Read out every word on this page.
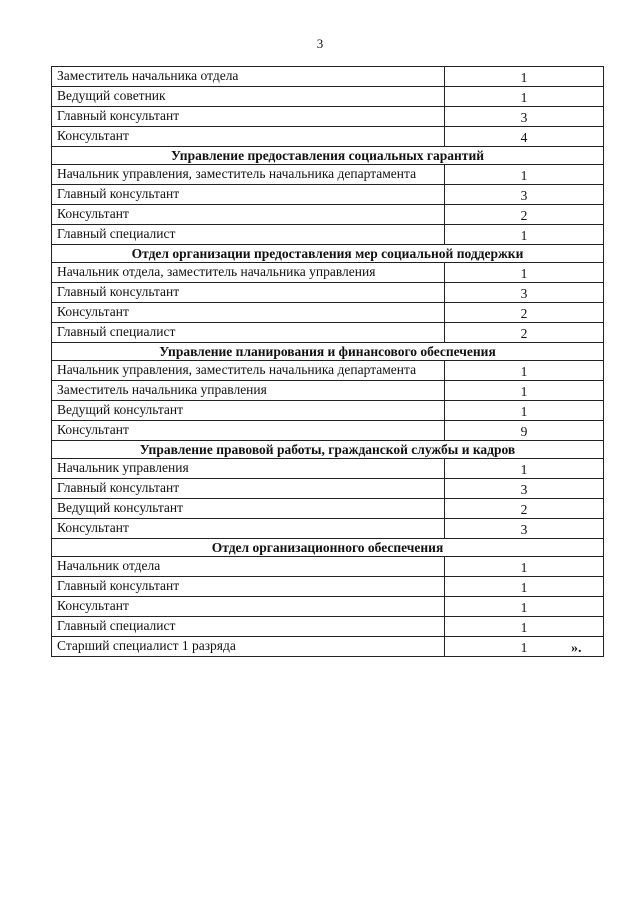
3
Заместитель начальника отдела	1
Ведущий советник	1
Главный консультант	3
Консультант	4
Управление предоставления социальных гарантий	
Начальник управления, заместитель начальника департамента	1
Главный консультант	3
Консультант	2
Главный специалист	1
Отдел организации предоставления мер социальной поддержки	
Начальник отдела, заместитель начальника управления	1
Главный консультант	3
Консультант	2
Главный специалист	2
Управление планирования и финансового обеспечения	
Начальник управления, заместитель начальника департамента	1
Заместитель начальника управления	1
Ведущий консультант	1
Консультант	9
Управление правовой работы, гражданской службы и кадров	
Начальник управления	1
Главный консультант	3
Ведущий консультант	2
Консультант	3
Отдел организационного обеспечения	
Начальник отдела	1
Главный консультант	1
Консультант	1
Главный специалист	1
Старший специалист 1 разряда	1	».
